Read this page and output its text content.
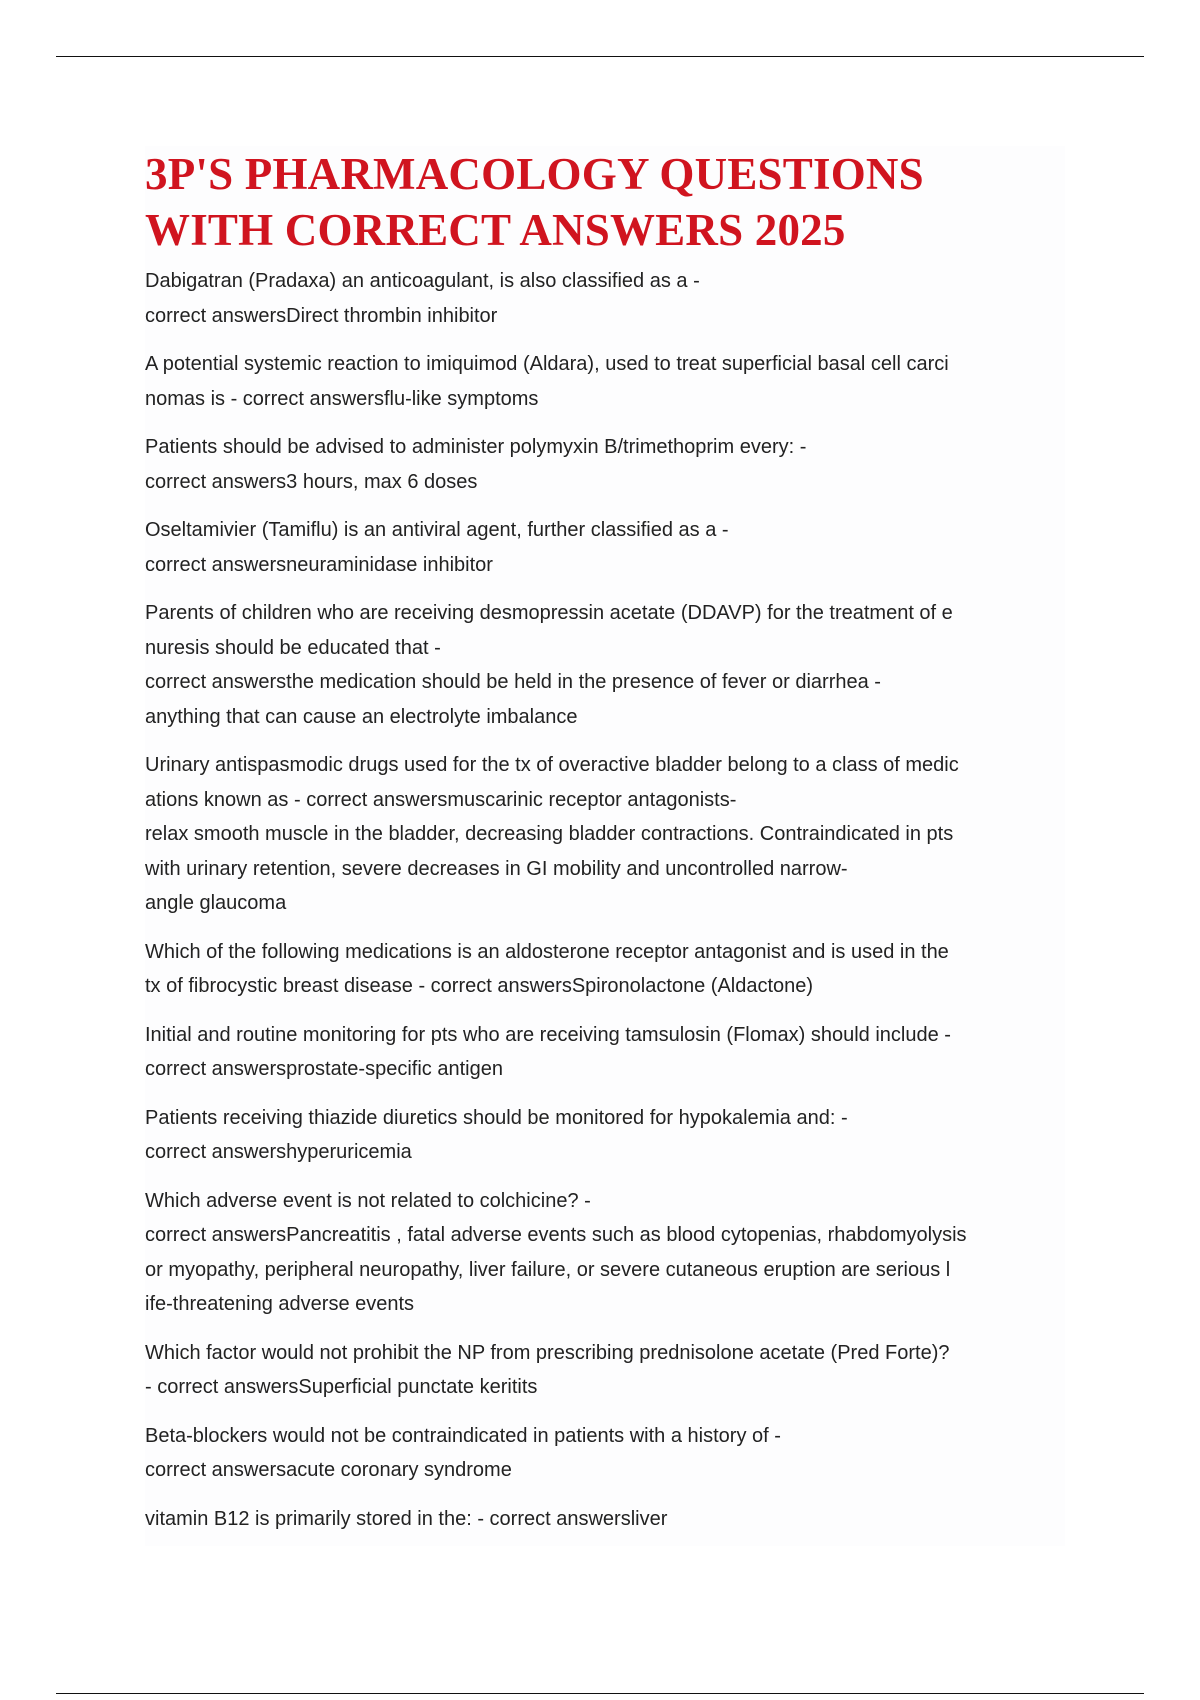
3P'S PHARMACOLOGY QUESTIONS
WITH CORRECT ANSWERS 2025

Dabigatran (Pradaxa) an anticoagulant, is also classified as a -
correct answersDirect thrombin inhibitor

A potential systemic reaction to imiquimod (Aldara), used to treat superficial basal cell carci
nomas is - correct answersflu-like symptoms

Patients should be advised to administer polymyxin B/trimethoprim every: -
correct answers3 hours, max 6 doses

Oseltamivier (Tamiflu) is an antiviral agent, further classified as a -
correct answersneuraminidase inhibitor

Parents of children who are receiving desmopressin acetate (DDAVP) for the treatment of e
nuresis should be educated that -
correct answersthe medication should be held in the presence of fever or diarrhea -
anything that can cause an electrolyte imbalance

Urinary antispasmodic drugs used for the tx of overactive bladder belong to a class of medic
ations known as - correct answersmuscarinic receptor antagonists-
relax smooth muscle in the bladder, decreasing bladder contractions. Contraindicated in pts
with urinary retention, severe decreases in GI mobility and uncontrolled narrow-
angle glaucoma

Which of the following medications is an aldosterone receptor antagonist and is used in the
tx of fibrocystic breast disease - correct answersSpironolactone (Aldactone)

Initial and routine monitoring for pts who are receiving tamsulosin (Flomax) should include -
correct answersprostate-specific antigen

Patients receiving thiazide diuretics should be monitored for hypokalemia and: -
correct answershyperuricemia

Which adverse event is not related to colchicine? -
correct answersPancreatitis , fatal adverse events such as blood cytopenias, rhabdomyolysis
or myopathy, peripheral neuropathy, liver failure, or severe cutaneous eruption are serious l
ife-threatening adverse events

Which factor would not prohibit the NP from prescribing prednisolone acetate (Pred Forte)?
- correct answersSuperficial punctate keritits

Beta-blockers would not be contraindicated in patients with a history of -
correct answersacute coronary syndrome

vitamin B12 is primarily stored in the: - correct answersliver
